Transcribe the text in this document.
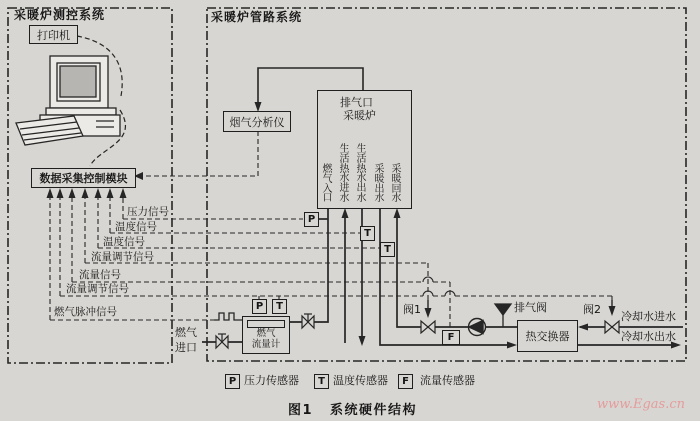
采暖炉测控系统	采暖炉管路系统
打印机
数据采集控制模块
烟气分析仪
排气口
采暖炉
燃气入口
生活热水进水
生活热水出水
采暖出水
采暖回水
压力信号
温度信号
温度信号
流量调节信号
流量信号
流量调节信号
燃气脉冲信号
P
T
T
P	T
F
燃气
流量计
燃气
进口
阀1	阀2
排气阀
热交换器
冷却水进水
冷却水出水
P 压力传感器	T 温度传感器	F	流量传感器
图1 系统硬件结构	www.Egas.cn
